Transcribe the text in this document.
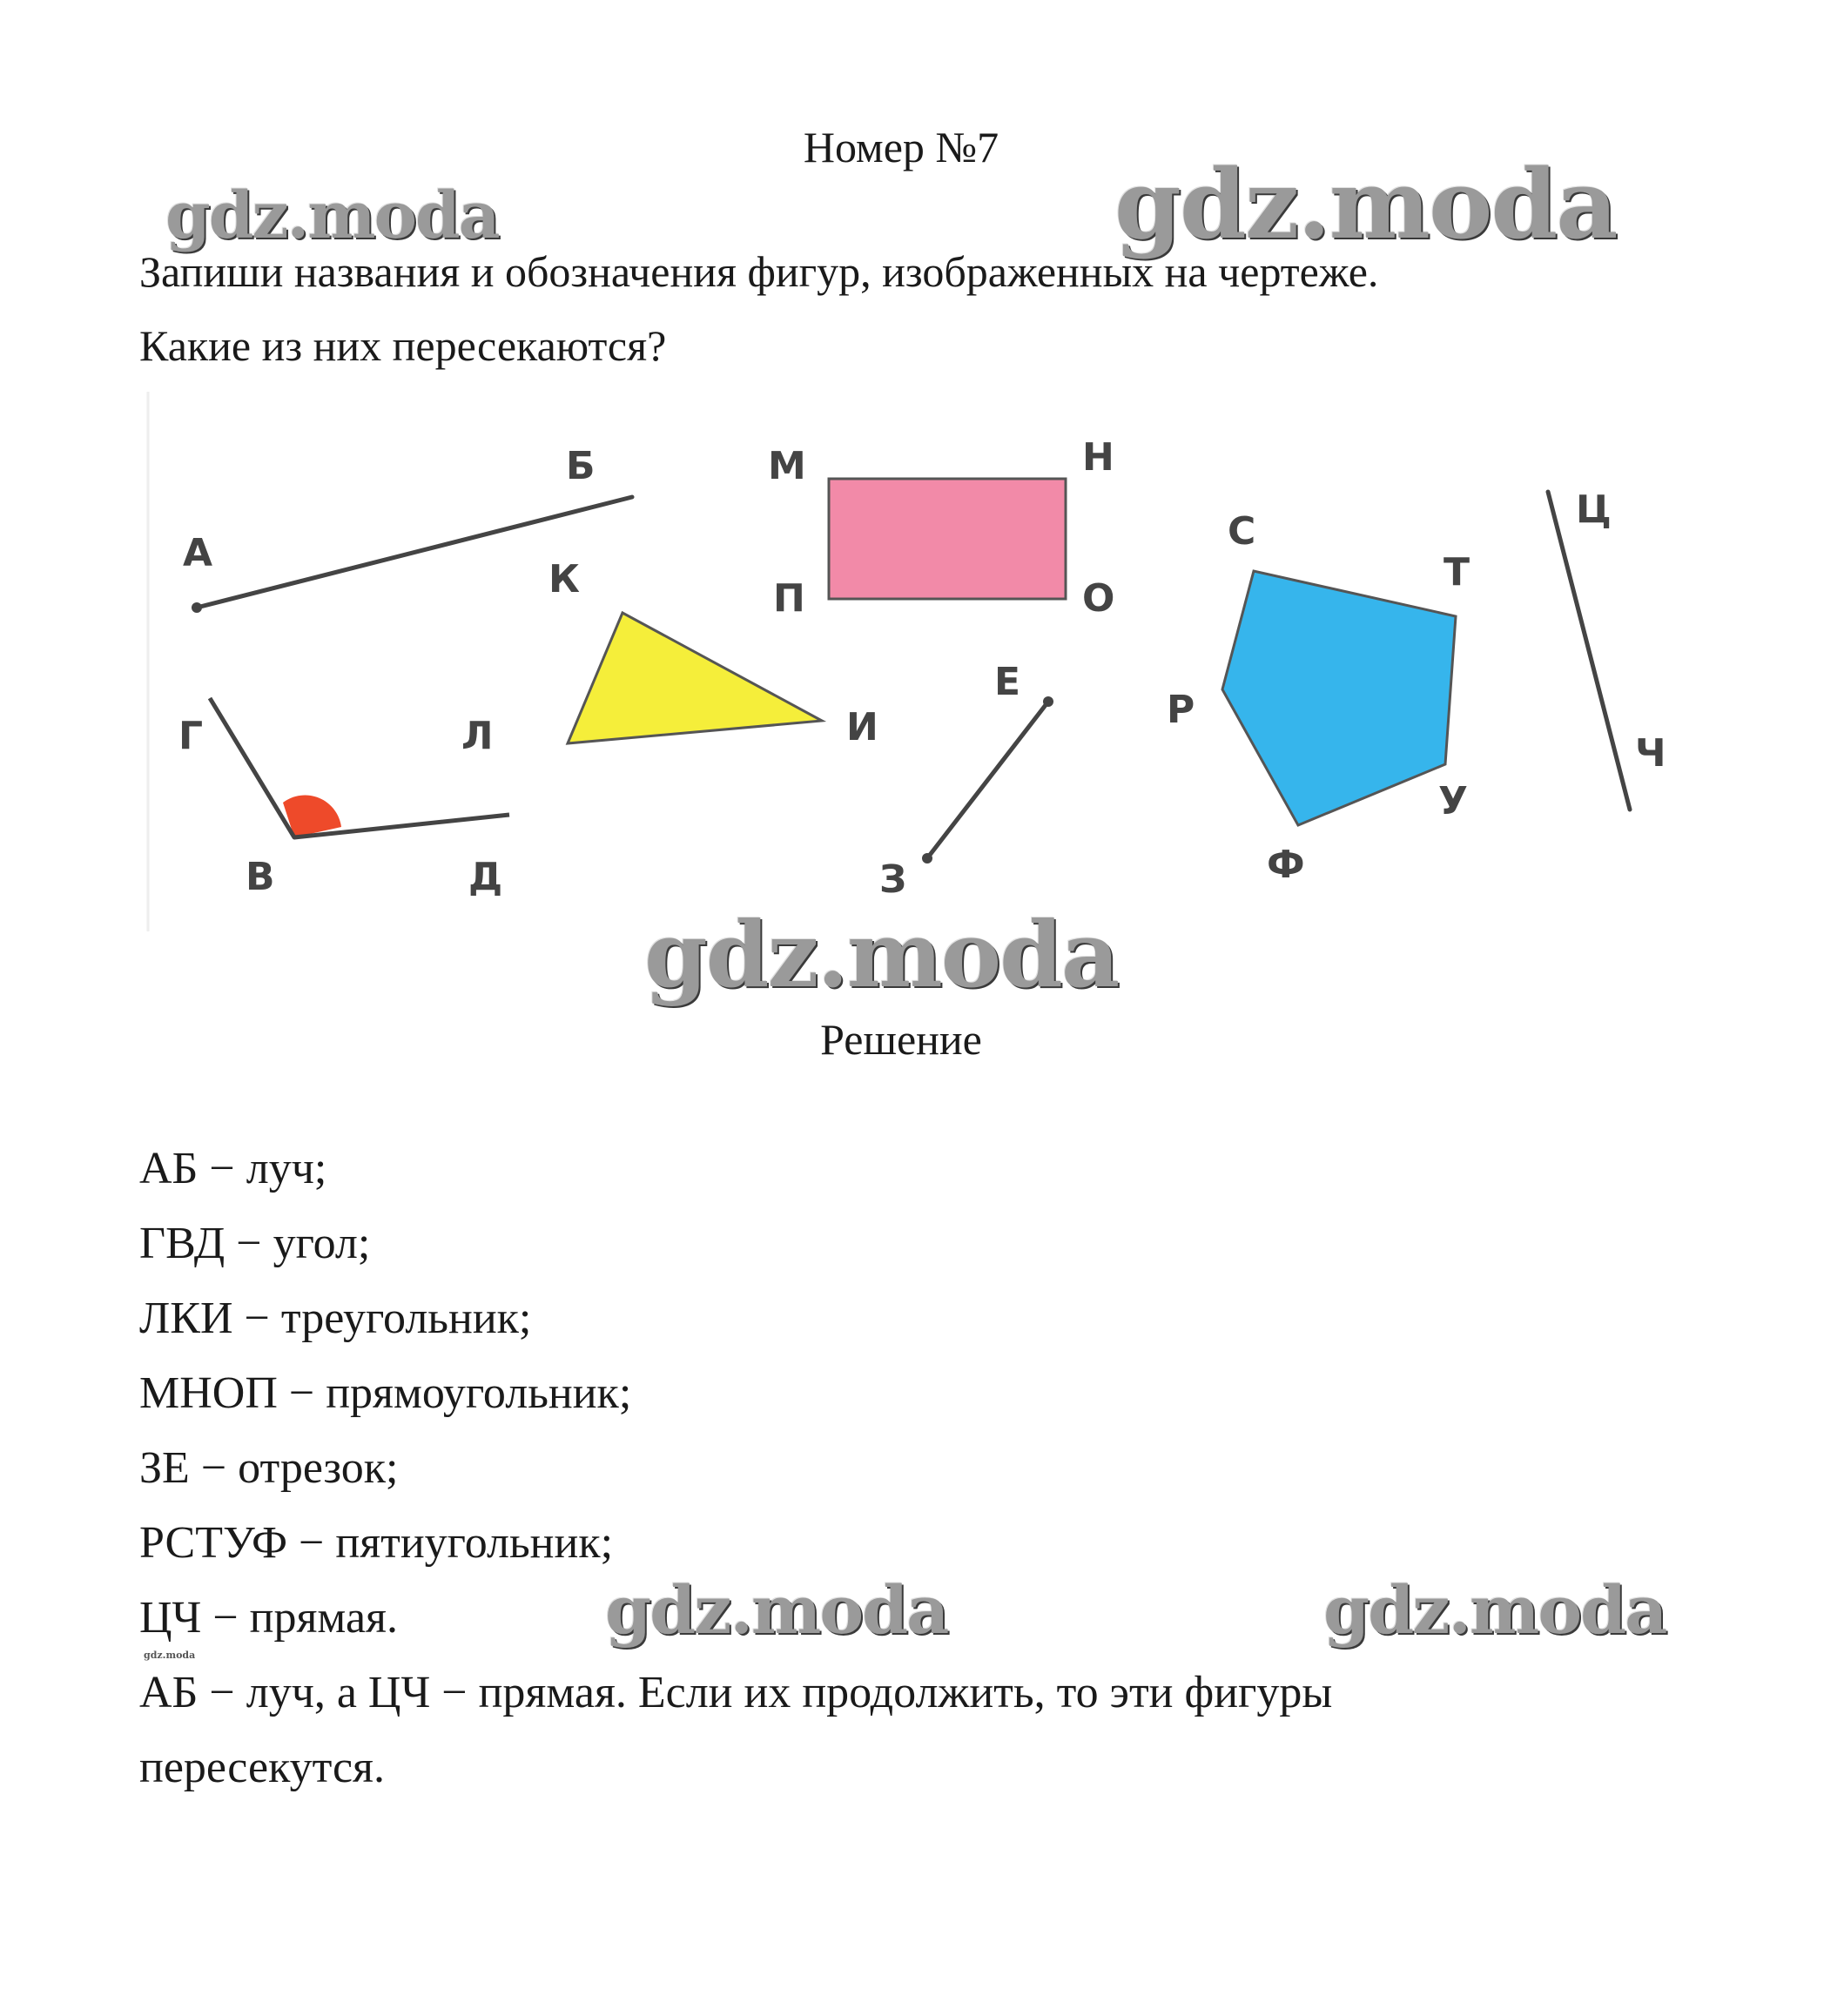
Номер №7
gdz.moda	gdz.moda
gdz.moda
gdz.moda	gdz.moda
gdz.moda
Запиши названия и обозначения фигур, изображенных на чертеже.
Какие из них пересекаются?
А
Б	М	Н
П	О
К
Л	И
Г
В	Д
Е
З
С
Т
Р
У
Ф
Ц
Ч
Решение
АБ − луч;
ГВД − угол;
ЛКИ − треугольник;
МНОП − прямоугольник;
ЗЕ − отрезок;
РСТУФ − пятиугольник;
ЦЧ − прямая.
АБ − луч, а ЦЧ − прямая. Если их продолжить, то эти фигуры
пересекутся.
